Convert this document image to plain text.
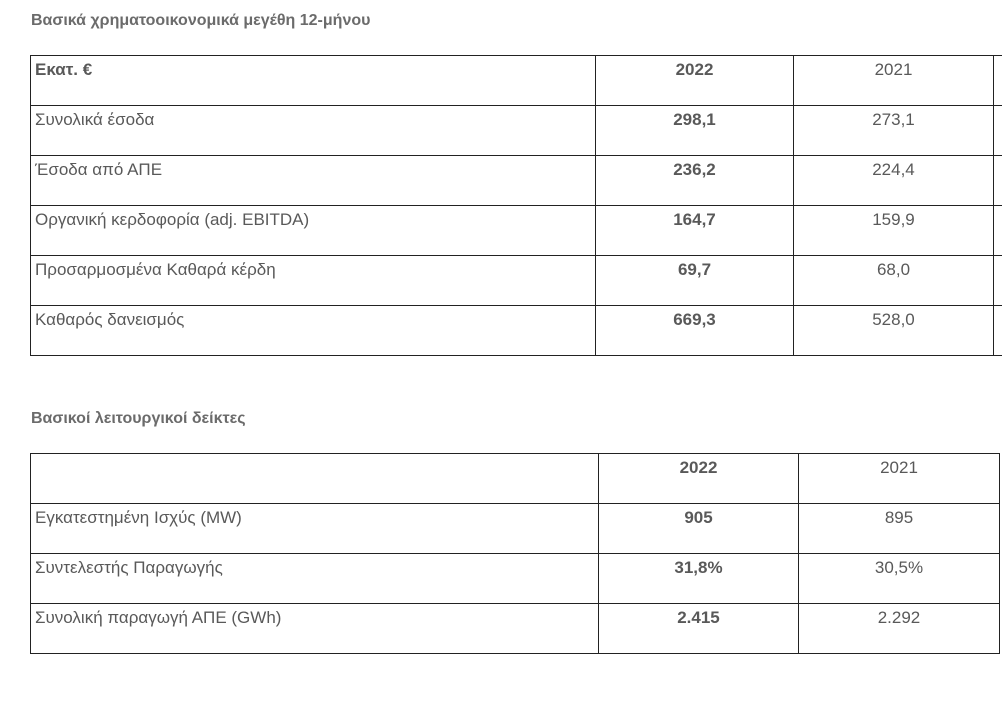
Βασικά χρηματοοικονομικά μεγέθη 12-μήνου
Εκατ. €	2022	2021	
Συνολικά έσοδα	298,1	273,1	
Έσοδα από ΑΠΕ	236,2	224,4	
Οργανική κερδοφορία (adj. EBITDA)	164,7	159,9	
Προσαρμοσμένα Καθαρά κέρδη	69,7	68,0	
Καθαρός δανεισμός	669,3	528,0	
Βασικοί λειτουργικοί δείκτες
	2022	2021
Εγκατεστημένη Ισχύς (MW)	905	895
Συντελεστής Παραγωγής	31,8%	30,5%
Συνολική παραγωγή ΑΠΕ (GWh)	2.415	2.292
